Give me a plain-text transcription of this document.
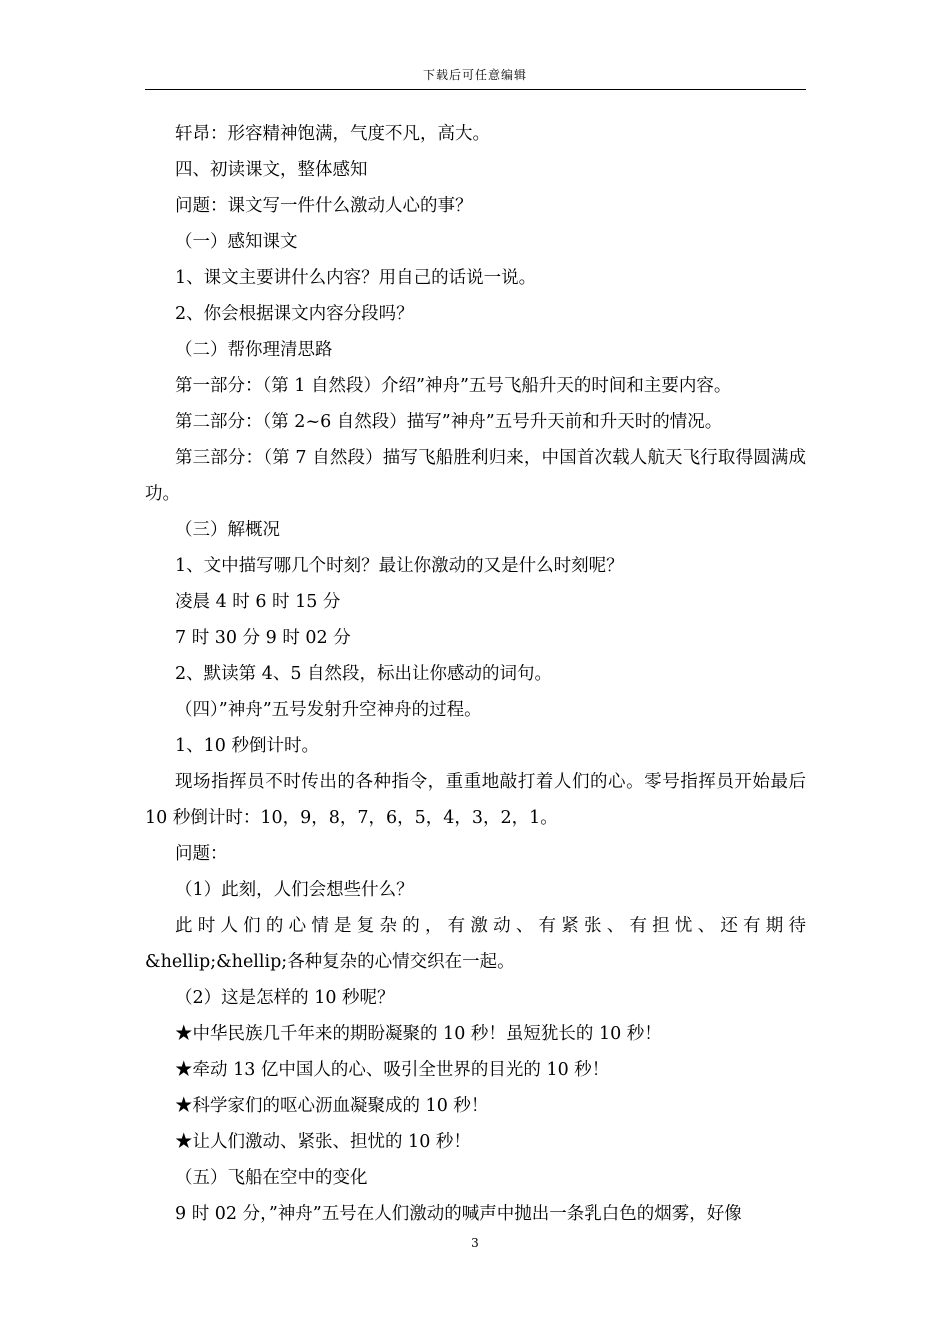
下载后可任意编辑

轩昂：形容精神饱满，气度不凡，高大。

四、初读课文，整体感知

问题：课文写一件什么激动人心的事？

（一）感知课文

1、课文主要讲什么内容？用自己的话说一说。

2、你会根据课文内容分段吗？

（二）帮你理清思路

第一部分：（第 1 自然段）介绍”神舟”五号飞船升天的时间和主要内容。

第二部分：（第 2~6 自然段）描写”神舟”五号升天前和升天时的情况。

第三部分：（第 7 自然段）描写飞船胜利归来，中国首次载人航天飞行取得圆满成功。

（三）解概况

1、文中描写哪几个时刻？最让你激动的又是什么时刻呢？

凌晨 4 时 6 时 15 分

7 时 30 分 9 时 02 分

2、默读第 4、5 自然段，标出让你感动的词句。

（四）”神舟”五号发射升空神舟的过程。

1、10 秒倒计时。

现场指挥员不时传出的各种指令，重重地敲打着人们的心。零号指挥员开始最后 10 秒倒计时：10，9，8，7，6，5，4，3，2，1。

问题：

（1）此刻，人们会想些什么？

此时人们的心情是复杂的，有激动、有紧张、有担忧、还有期待&hellip;&hellip;各种复杂的心情交织在一起。

（2）这是怎样的 10 秒呢？

★中华民族几千年来的期盼凝聚的 10 秒！虽短犹长的 10 秒！

★牵动 13 亿中国人的心、吸引全世界的目光的 10 秒！

★科学家们的呕心沥血凝聚成的 10 秒！

★让人们激动、紧张、担忧的 10 秒！

（五）飞船在空中的变化

9 时 02 分，”神舟”五号在人们激动的喊声中抛出一条乳白色的烟雾，好像

3
